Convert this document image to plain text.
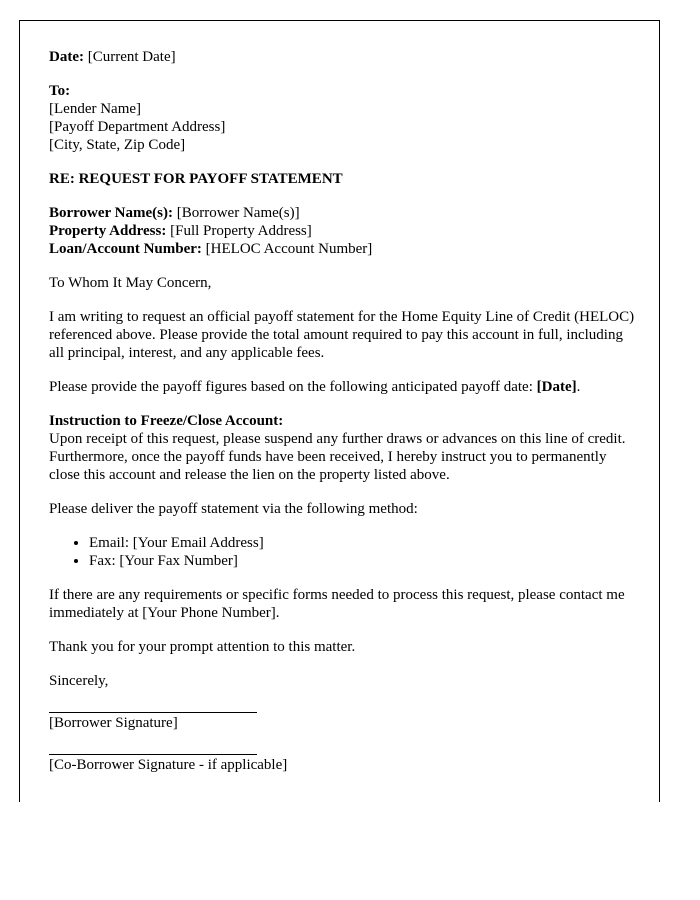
Date: [Current Date]

To:
[Lender Name]
[Payoff Department Address]
[City, State, Zip Code]

RE: REQUEST FOR PAYOFF STATEMENT

Borrower Name(s): [Borrower Name(s)]
Property Address: [Full Property Address]
Loan/Account Number: [HELOC Account Number]

To Whom It May Concern,

I am writing to request an official payoff statement for the Home Equity Line of Credit (HELOC) referenced above. Please provide the total amount required to pay this account in full, including all principal, interest, and any applicable fees.

Please provide the payoff figures based on the following anticipated payoff date: [Date].

Instruction to Freeze/Close Account:
Upon receipt of this request, please suspend any further draws or advances on this line of credit. Furthermore, once the payoff funds have been received, I hereby instruct you to permanently close this account and release the lien on the property listed above.

Please deliver the payoff statement via the following method:

• Email: [Your Email Address]
• Fax: [Your Fax Number]

If there are any requirements or specific forms needed to process this request, please contact me immediately at [Your Phone Number].

Thank you for your prompt attention to this matter.

Sincerely,

[Borrower Signature]
[Co-Borrower Signature - if applicable]
